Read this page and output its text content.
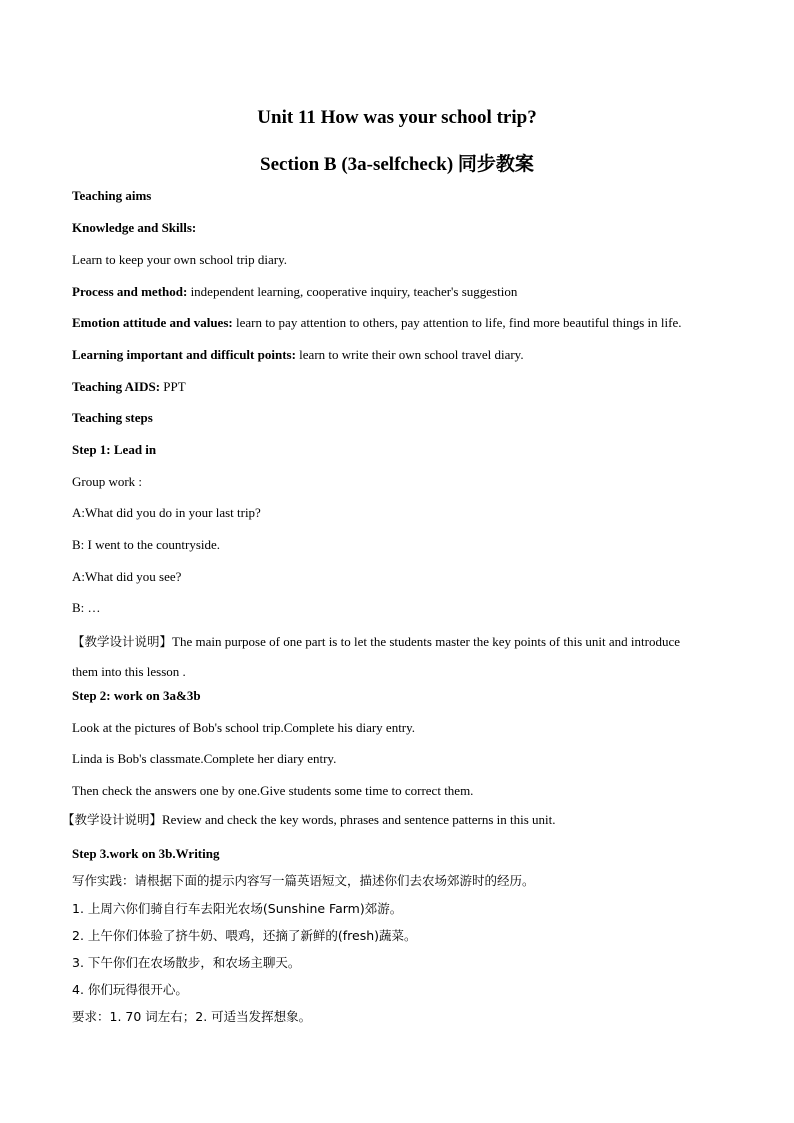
Unit 11 How was your school trip?
Section B (3a-selfcheck) 同步教案
Teaching aims
Knowledge and Skills:
Learn to keep your own school trip diary.
Process and method: independent learning, cooperative inquiry, teacher's suggestion
Emotion attitude and values: learn to pay attention to others, pay attention to life, find more beautiful things in life.
Learning important and difficult points: learn to write their own school travel diary.
Teaching AIDS: PPT
Teaching steps
Step 1: Lead in
Group work :
A:What did you do in your last trip?
B: I went to the countryside.
A:What did you see?
B: …
【教学设计说明】The main purpose of one part is to let the students master the key points of this unit and introduce
them into this lesson .
Step 2: work on 3a&3b
Look at the pictures of Bob's school trip.Complete his diary entry.
Linda is Bob's classmate.Complete her diary entry.
Then check the answers one by one.Give students some time to correct them.
【教学设计说明】Review and check the key words, phrases and sentence patterns in this unit.
Step 3.work on 3b.Writing
写作实践：请根据下面的提示内容写一篇英语短文，描述你们去农场郊游时的经历。
1. 上周六你们骑自行车去阳光农场(Sunshine Farm)郊游。
2. 上午你们体验了挤牛奶、喂鸡，还摘了新鲜的(fresh)蔬菜。
3. 下午你们在农场散步，和农场主聊天。
4. 你们玩得很开心。
要求：1. 70 词左右；2. 可适当发挥想象。
